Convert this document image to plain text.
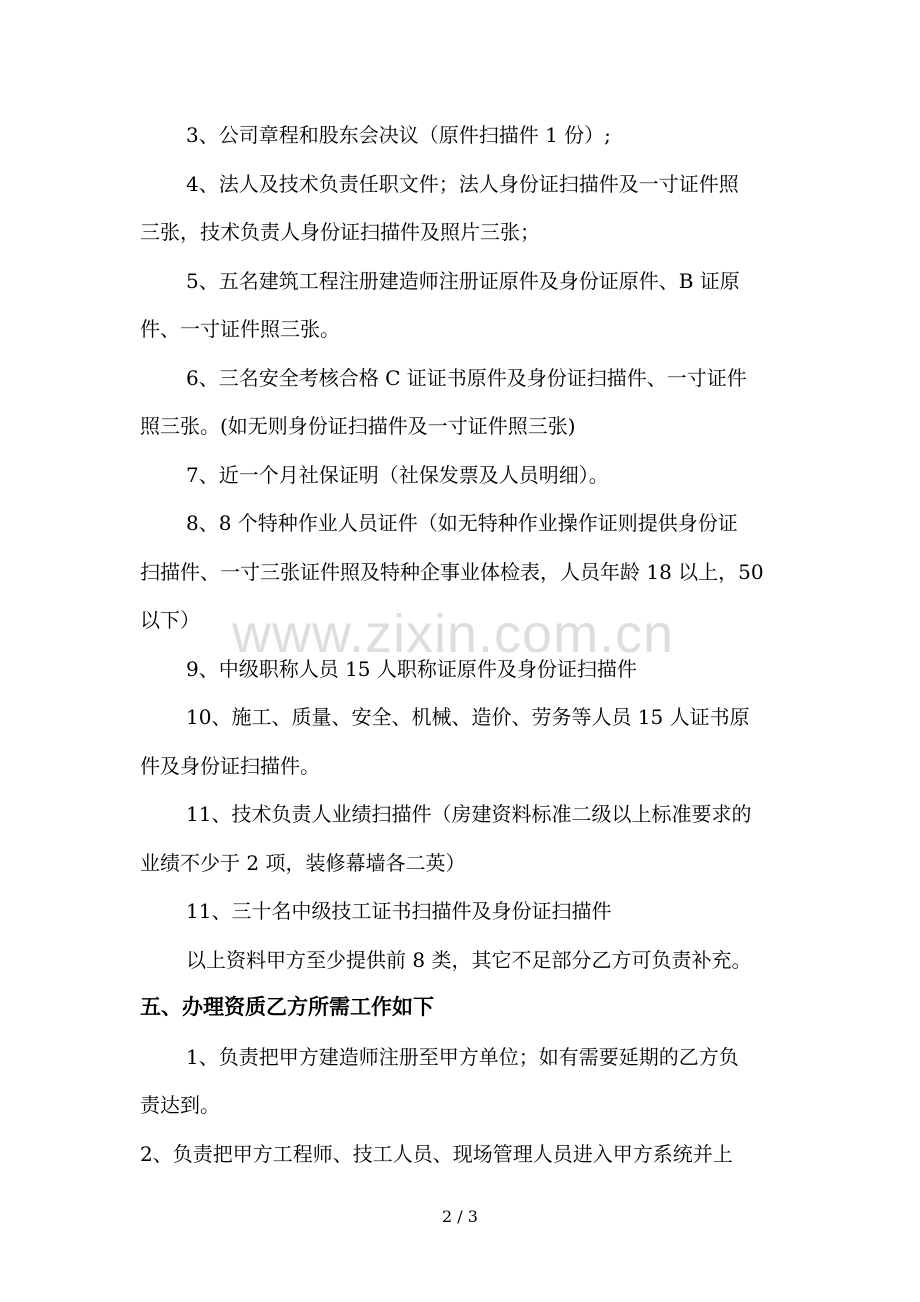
3、公司章程和股东会决议（原件扫描件 1 份）;
4、法人及技术负责任职文件；法人身份证扫描件及一寸证件照
三张，技术负责人身份证扫描件及照片三张；
5、五名建筑工程注册建造师注册证原件及身份证原件、B 证原
件、一寸证件照三张。
6、三名安全考核合格 C 证证书原件及身份证扫描件、一寸证件
照三张。(如无则身份证扫描件及一寸证件照三张)
7、近一个月社保证明（社保发票及人员明细）。
8、8 个特种作业人员证件（如无特种作业操作证则提供身份证
扫描件、一寸三张证件照及特种企事业体检表，人员年龄 18 以上，50
以下）
9、中级职称人员 15 人职称证原件及身份证扫描件
10、施工、质量、安全、机械、造价、劳务等人员 15 人证书原
件及身份证扫描件。
11、技术负责人业绩扫描件（房建资料标准二级以上标准要求的
业绩不少于 2 项，装修幕墙各二英）
11、三十名中级技工证书扫描件及身份证扫描件
以上资料甲方至少提供前 8 类，其它不足部分乙方可负责补充。
五、办理资质乙方所需工作如下
1、负责把甲方建造师注册至甲方单位；如有需要延期的乙方负
责达到。
2、负责把甲方工程师、技工人员、现场管理人员进入甲方系统并上
www.zixin.com.cn
2 / 3
